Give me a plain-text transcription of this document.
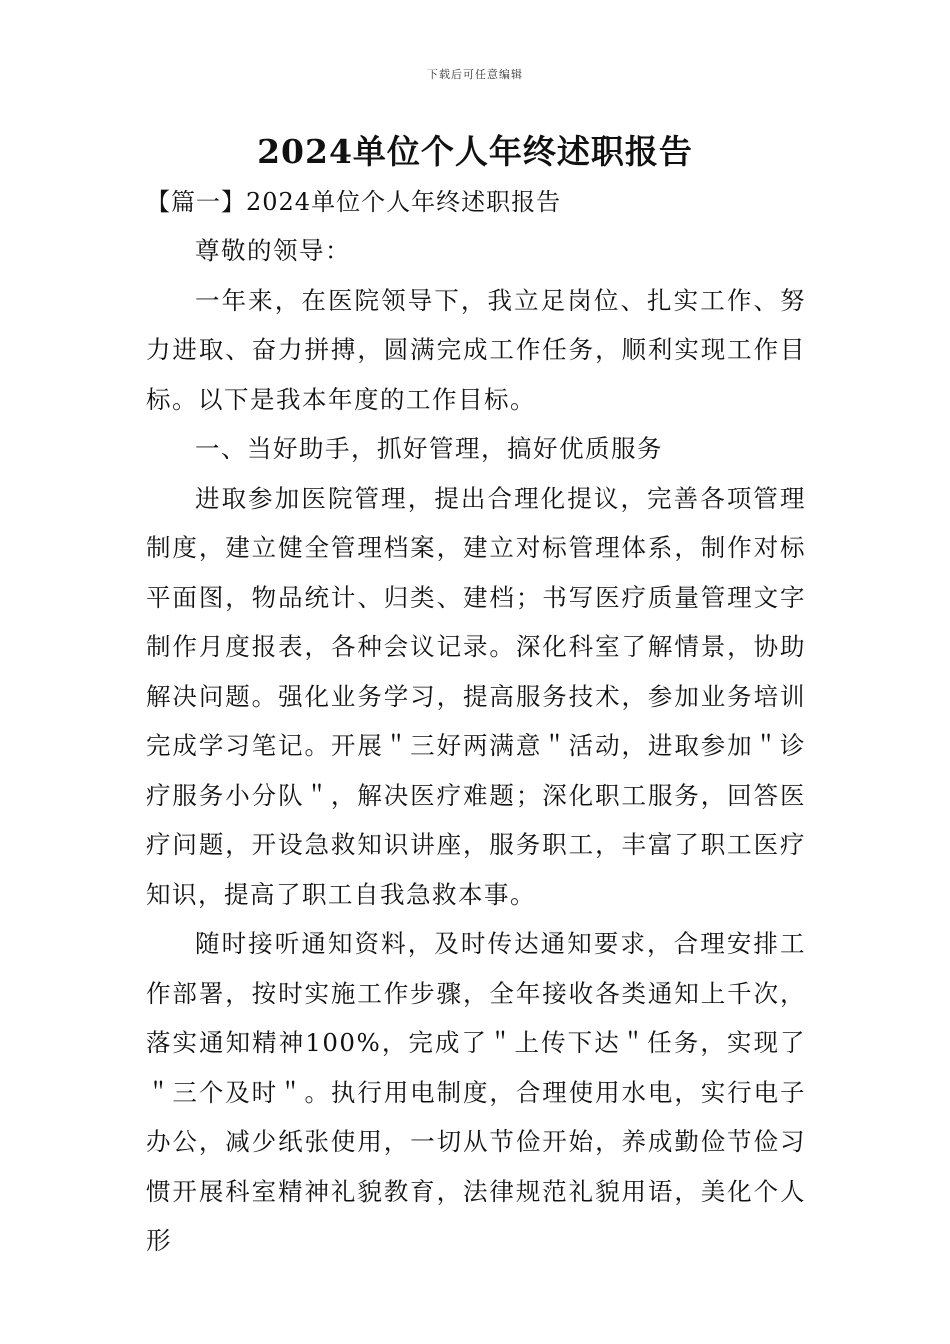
下载后可任意编辑
2024单位个人年终述职报告
【篇一】2024单位个人年终述职报告

尊敬的领导：

一年来，在医院领导下，我立足岗位、扎实工作、努力进取、奋力拼搏，圆满完成工作任务，顺利实现工作目标。以下是我本年度的工作目标。

一、当好助手，抓好管理，搞好优质服务

进取参加医院管理，提出合理化提议，完善各项管理制度，建立健全管理档案，建立对标管理体系，制作对标平面图，物品统计、归类、建档；书写医疗质量管理文字制作月度报表，各种会议记录。深化科室了解情景，协助解决问题。强化业务学习，提高服务技术，参加业务培训完成学习笔记。开展＂三好两满意＂活动，进取参加＂诊疗服务小分队＂，解决医疗难题；深化职工服务，回答医疗问题，开设急救知识讲座，服务职工，丰富了职工医疗知识，提高了职工自我急救本事。

随时接听通知资料，及时传达通知要求，合理安排工作部署，按时实施工作步骤，全年接收各类通知上千次，落实通知精神100%，完成了＂上传下达＂任务，实现了＂三个及时＂。执行用电制度，合理使用水电，实行电子办公，减少纸张使用，一切从节俭开始，养成勤俭节俭习惯开展科室精神礼貌教育，法律规范礼貌用语，美化个人形
